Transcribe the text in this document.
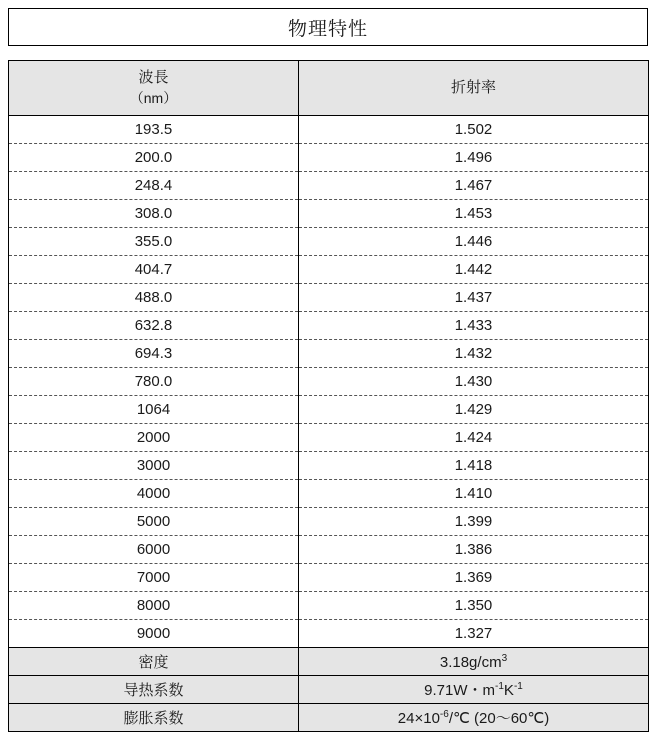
物理特性
波長
（nm）	折射率
193.5	1.502
200.0	1.496
248.4	1.467
308.0	1.453
355.0	1.446
404.7	1.442
488.0	1.437
632.8	1.433
694.3	1.432
780.0	1.430
1064	1.429
2000	1.424
3000	1.418
4000	1.410
5000	1.399
6000	1.386
7000	1.369
8000	1.350
9000	1.327
密度	$3.18g/cm^3$
导热系数	9.71W・$m^{-1}K^{-1}$
膨胀系数	$24\times 10^{-6}/℃$ (20〜60℃)
